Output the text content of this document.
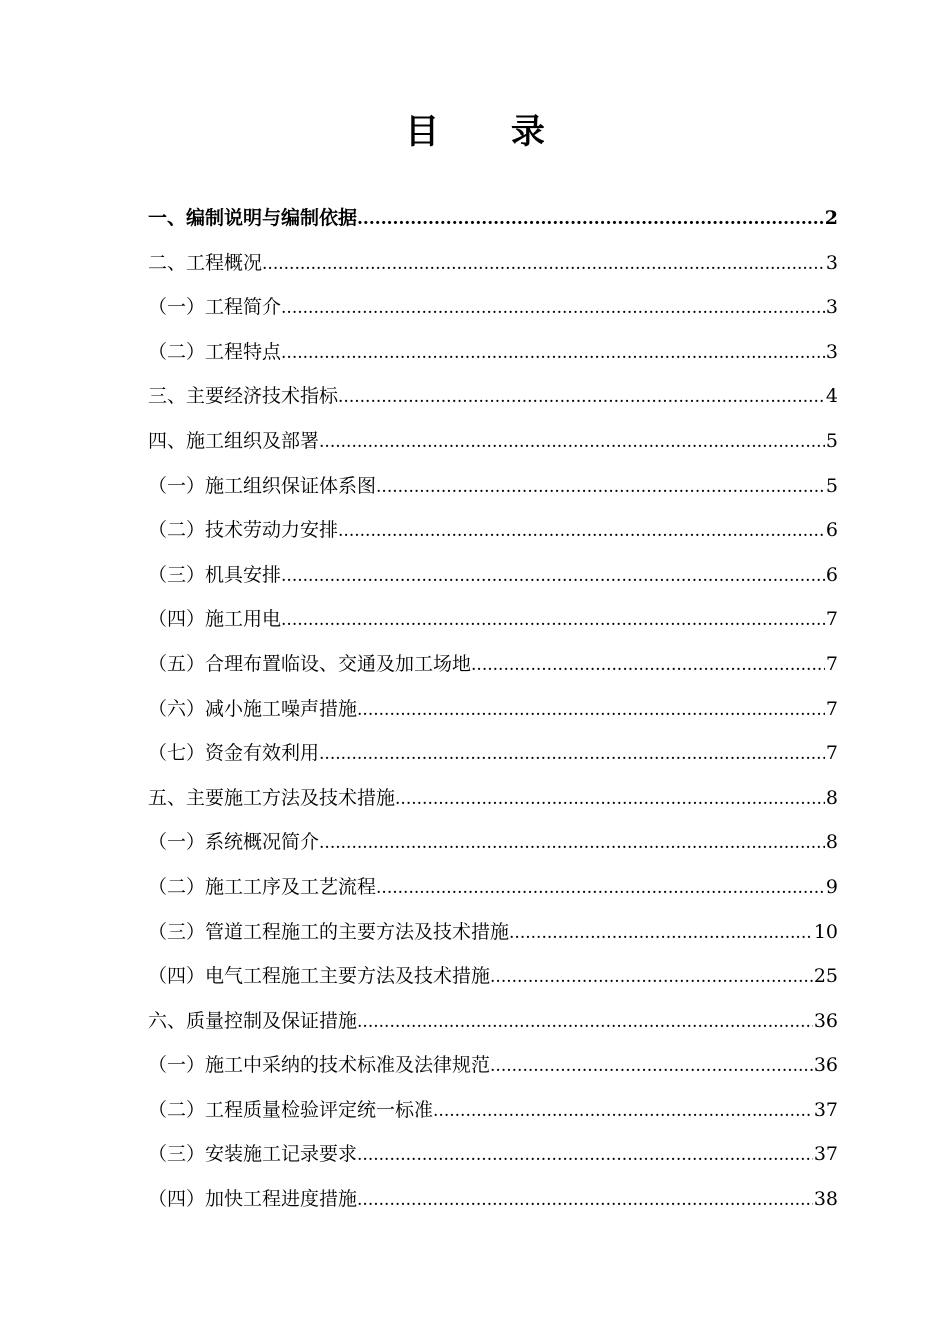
目 录
一、编制说明与编制依据 .....	2
二、工程概况 .....	3
（一）工程简介 .....	3
（二）工程特点 .....	3
三、主要经济技术指标 .....	4
四、施工组织及部署 .....	5
（一）施工组织保证体系图 .....	5
（二）技术劳动力安排 .....	6
（三）机具安排 .....	6
（四）施工用电 .....	7
（五）合理布置临设、交通及加工场地 .....	7
（六）减小施工噪声措施 .....	7
（七）资金有效利用 .....	7
五、主要施工方法及技术措施 .....	8
（一）系统概况简介 .....	8
（二）施工工序及工艺流程 .....	9
（三）管道工程施工的主要方法及技术措施 .....	10
（四）电气工程施工主要方法及技术措施 .....	25
六、质量控制及保证措施 .....	36
（一）施工中采纳的技术标准及法律规范 .....	36
（二）工程质量检验评定统一标准 .....	37
（三）安装施工记录要求 .....	37
（四）加快工程进度措施 .....	38
